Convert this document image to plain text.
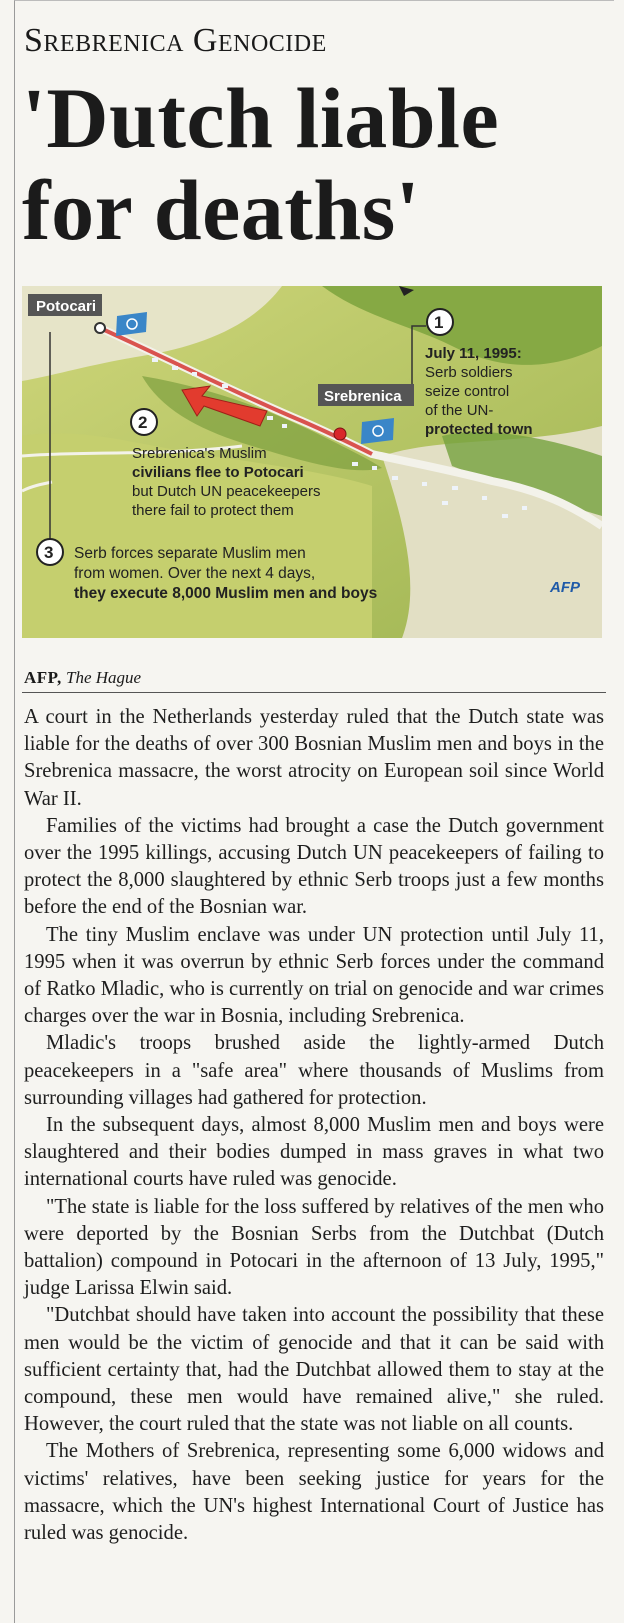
Srebrenica Genocide
'Dutch liable for deaths'
Potocari
Srebrenica
1
July 11, 1995:
Serb soldiers
seize control
of the UN-
protected town
2
Srebrenica's Muslim
civilians flee to Potocari
but Dutch UN peacekeepers
there fail to protect them
3 Serb forces separate Muslim men
from women. Over the next 4 days,
they execute 8,000 Muslim men and boys	AFP
AFP, The Hague

A court in the Netherlands yesterday ruled that the Dutch state was liable for the deaths of over 300 Bosnian Muslim men and boys in the Srebrenica massacre, the worst atrocity on European soil since World War II.

Families of the victims had brought a case the Dutch government over the 1995 killings, accusing Dutch UN peacekeepers of failing to protect the 8,000 slaughtered by ethnic Serb troops just a few months before the end of the Bosnian war.

The tiny Muslim enclave was under UN protection until July 11, 1995 when it was overrun by ethnic Serb forces under the command of Ratko Mladic, who is currently on trial on genocide and war crimes charges over the war in Bosnia, including Srebrenica.

Mladic's troops brushed aside the lightly-armed Dutch peacekeepers in a "safe area" where thousands of Muslims from surrounding villages had gathered for protection.

In the subsequent days, almost 8,000 Muslim men and boys were slaughtered and their bodies dumped in mass graves in what two international courts have ruled was genocide.

"The state is liable for the loss suffered by relatives of the men who were deported by the Bosnian Serbs from the Dutchbat (Dutch battalion) compound in Potocari in the afternoon of 13 July, 1995," judge Larissa Elwin said.

"Dutchbat should have taken into account the possibility that these men would be the victim of genocide and that it can be said with sufficient certainty that, had the Dutchbat allowed them to stay at the compound, these men would have remained alive," she ruled. However, the court ruled that the state was not liable on all counts.

The Mothers of Srebrenica, representing some 6,000 widows and victims' relatives, have been seeking justice for years for the massacre, which the UN's highest International Court of Justice has ruled was genocide.
